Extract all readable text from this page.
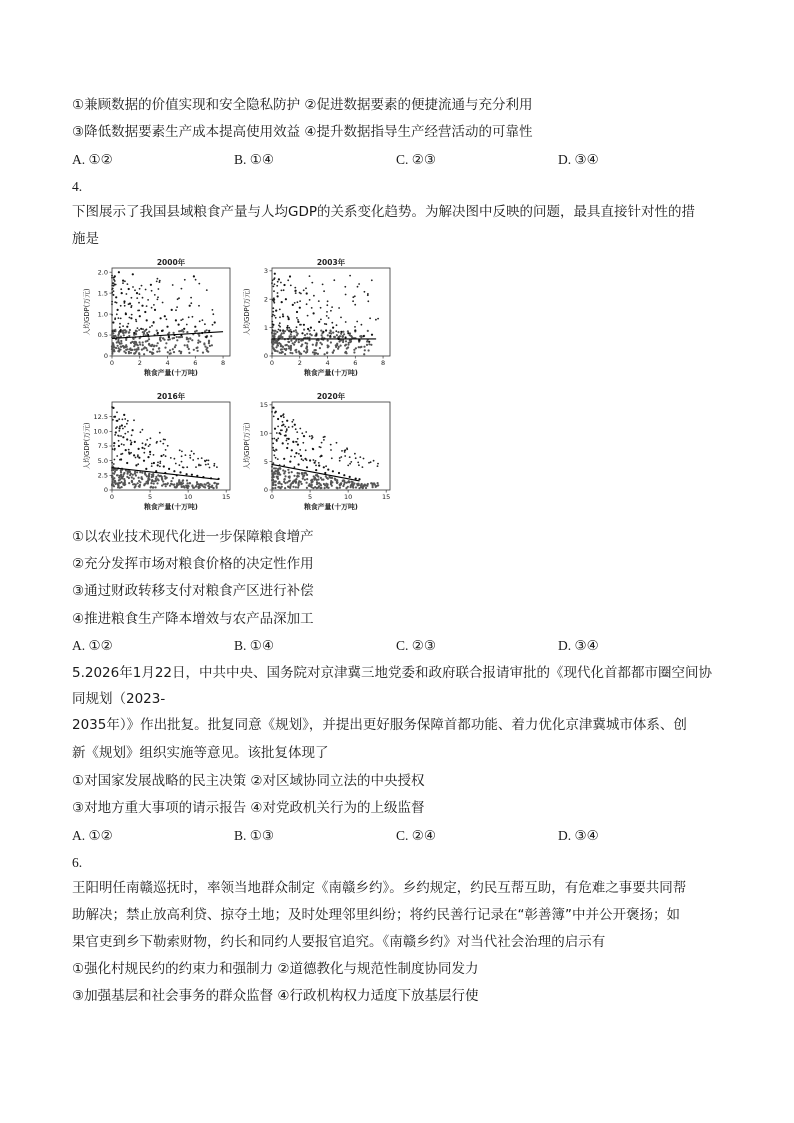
①兼顾数据的价值实现和安全隐私防护 ②促进数据要素的便捷流通与充分利用
③降低数据要素生产成本提高使用效益 ④提升数据指导生产经营活动的可靠性
A. ①②	B. ①④	C. ②③	D. ③④
4.
下图展示了我国县域粮食产量与人均GDP的关系变化趋势。为解决图中反映的问题，最具直接针对性的措
施是
2000年
0	2	4	6	8
0
0.5
1.0
1.5
2.0
粮食产量(十万吨)
人均GDP(万元)
2003年
0	2	4	6	8
0
1
2
3
粮食产量(十万吨)
人均GDP(万元)
2016年
0	5	10	15
0
2.5
5.0
7.5
10.0
12.5
粮食产量(十万吨)
人均GDP(万元)
2020年
0	5	10	15
0
5
10
15
粮食产量(十万吨)
人均GDP(万元)
①以农业技术现代化进一步保障粮食增产
②充分发挥市场对粮食价格的决定性作用
③通过财政转移支付对粮食产区进行补偿
④推进粮食生产降本增效与农产品深加工
A. ①②	B. ①④	C. ②③	D. ③④
5.2026年1月22日，中共中央、国务院对京津冀三地党委和政府联合报请审批的《现代化首都都市圈空间协
同规划（2023-
2035年）》作出批复。批复同意《规划》，并提出更好服务保障首都功能、着力优化京津冀城市体系、创
新《规划》组织实施等意见。该批复体现了
①对国家发展战略的民主决策 ②对区域协同立法的中央授权
③对地方重大事项的请示报告 ④对党政机关行为的上级监督
A. ①②	B. ①③	C. ②④	D. ③④
6.
王阳明任南赣巡抚时，率领当地群众制定《南赣乡约》。乡约规定，约民互帮互助，有危难之事要共同帮
助解决；禁止放高利贷、掠夺土地；及时处理邻里纠纷；将约民善行记录在“彰善簿”中并公开褒扬；如
果官吏到乡下勒索财物，约长和同约人要报官追究。《南赣乡约》对当代社会治理的启示有
①强化村规民约的约束力和强制力 ②道德教化与规范性制度协同发力
③加强基层和社会事务的群众监督 ④行政机构权力适度下放基层行使
